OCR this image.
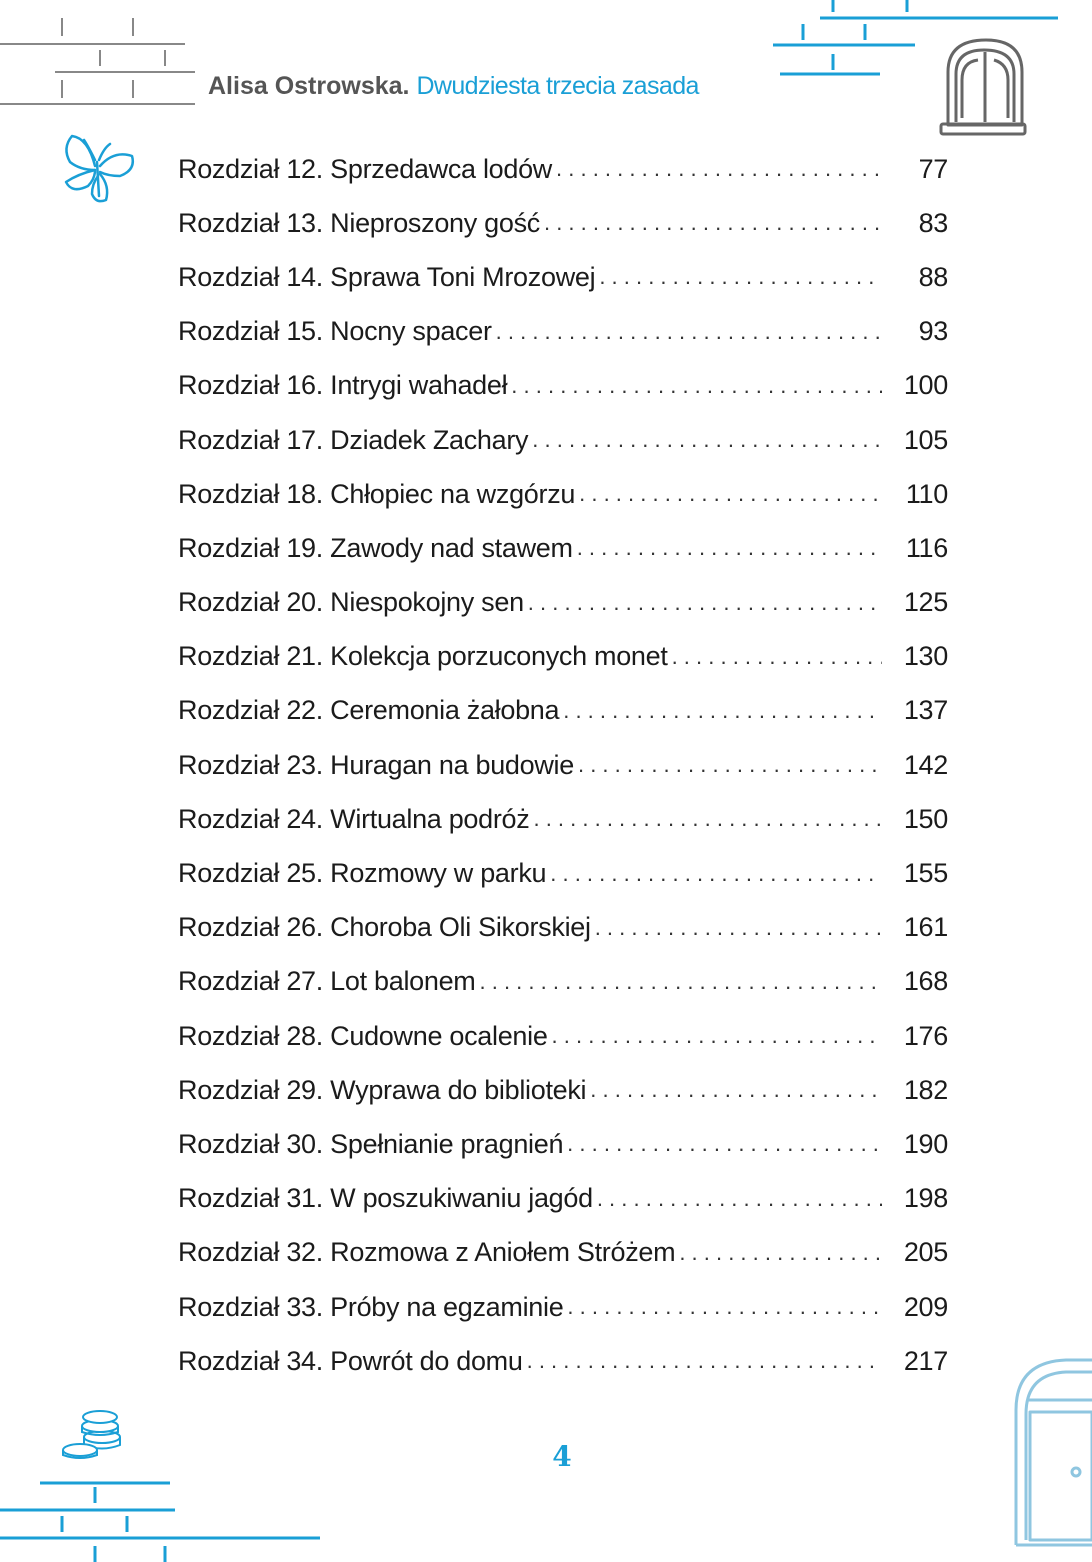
Alisa Ostrowska. Dwudziesta trzecia zasada
Rozdział 12. Sprzedawca lodów . . .	77
Rozdział 13. Nieproszony gość . . .	83
Rozdział 14. Sprawa Toni Mrozowej . . .	88
Rozdział 15. Nocny spacer . . .	93
Rozdział 16. Intrygi wahadeł . . .	100
Rozdział 17. Dziadek Zachary . . .	105
Rozdział 18. Chłopiec na wzgórzu . . .	110
Rozdział 19. Zawody nad stawem . . .	116
Rozdział 20. Niespokojny sen . . .	125
Rozdział 21. Kolekcja porzuconych monet . . .	130
Rozdział 22. Ceremonia żałobna . . .	137
Rozdział 23. Huragan na budowie . . .	142
Rozdział 24. Wirtualna podróż . . .	150
Rozdział 25. Rozmowy w parku . . .	155
Rozdział 26. Choroba Oli Sikorskiej . . .	161
Rozdział 27. Lot balonem . . .	168
Rozdział 28. Cudowne ocalenie . . .	176
Rozdział 29. Wyprawa do biblioteki . . .	182
Rozdział 30. Spełnianie pragnień . . .	190
Rozdział 31. W poszukiwaniu jagód . . .	198
Rozdział 32. Rozmowa z Aniołem Stróżem . . .	205
Rozdział 33. Próby na egzaminie . . .	209
Rozdział 34. Powrót do domu . . .	217
4
